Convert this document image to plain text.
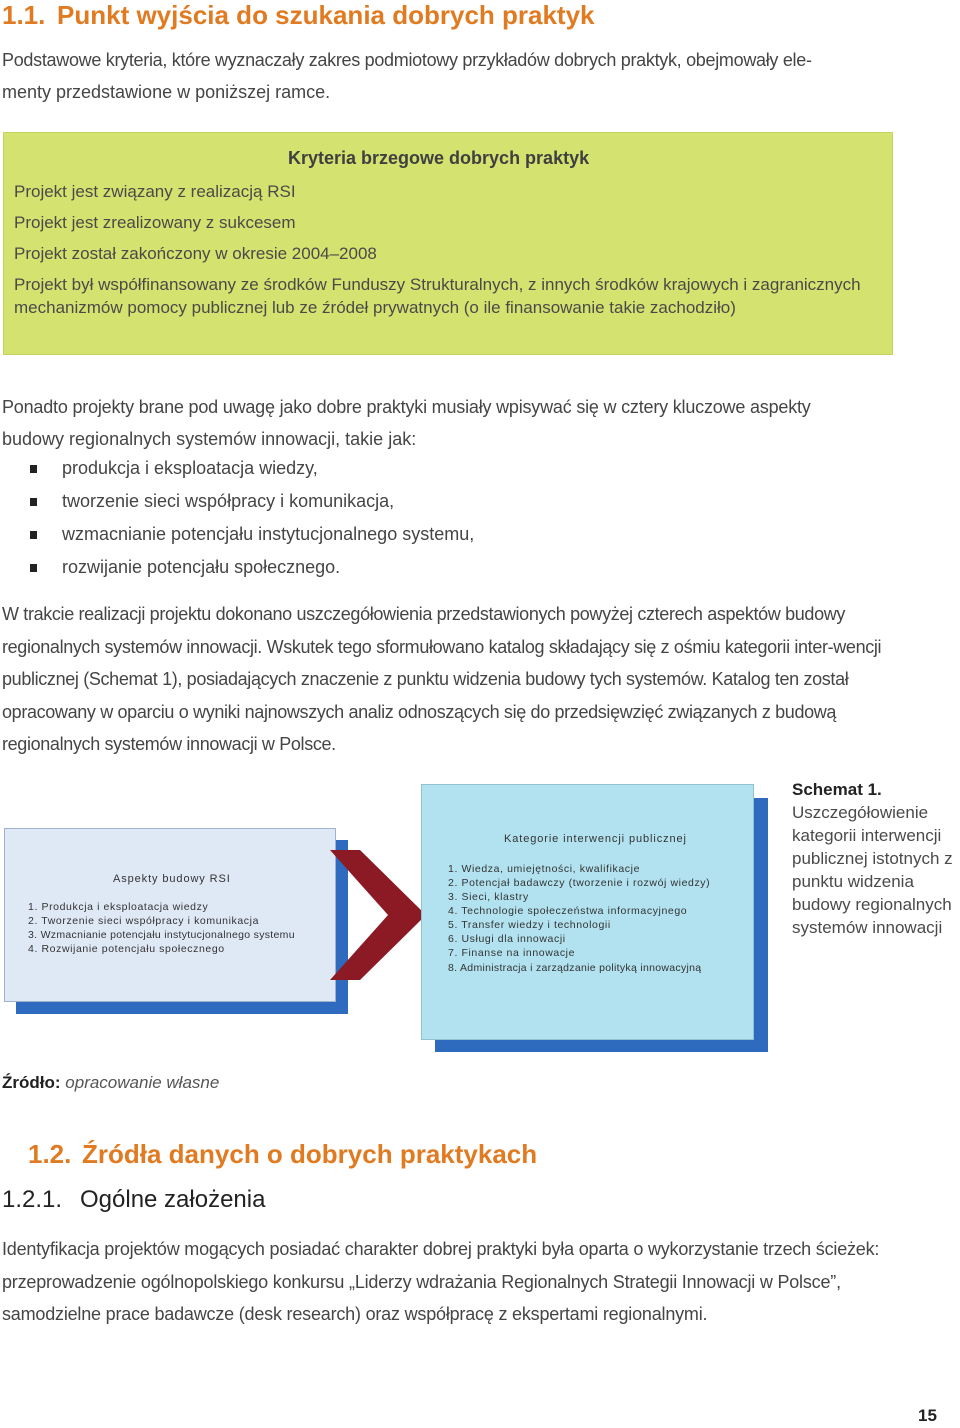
1.1. Punkt wyjścia do szukania dobrych praktyk
Podstawowe kryteria, które wyznaczały zakres podmiotowy przykładów dobrych praktyk, obejmowały ele-
menty przedstawione w poniższej ramce.
Kryteria brzegowe dobrych praktyk
Projekt jest związany z realizacją RSI
Projekt jest zrealizowany z sukcesem
Projekt został zakończony w okresie 2004–2008
Projekt był współfinansowany ze środków Funduszy Strukturalnych, z innych środków krajowych i zagranicznych mechanizmów pomocy publicznej lub ze źródeł prywatnych (o ile finansowanie takie zachodziło)
Ponadto projekty brane pod uwagę jako dobre praktyki musiały wpisywać się w cztery kluczowe aspekty
budowy regionalnych systemów innowacji, takie jak:
produkcja i eksploatacja wiedzy,
tworzenie sieci współpracy i komunikacja,
wzmacnianie potencjału instytucjonalnego systemu,
rozwijanie potencjału społecznego.
W trakcie realizacji projektu dokonano uszczegółowienia przedstawionych powyżej czterech aspektów budowy regionalnych systemów innowacji. Wskutek tego sformułowano katalog składający się z ośmiu kategorii inter-wencji publicznej (Schemat 1), posiadających znaczenie z punktu widzenia budowy tych systemów. Katalog ten został opracowany w oparciu o wyniki najnowszych analiz odnoszących się do przedsięwzięć związanych z budową regionalnych systemów innowacji w Polsce.
Aspekty budowy RSI
1. Produkcja i eksploatacja wiedzy
2. Tworzenie sieci współpracy i komunikacja
3. Wzmacnianie potencjału instytucjonalnego systemu
4. Rozwijanie potencjału społecznego
Kategorie interwencji publicznej
1. Wiedza, umiejętności, kwalifikacje
2. Potencjał badawczy (tworzenie i rozwój wiedzy)
3. Sieci, klastry
4. Technologie społeczeństwa informacyjnego
5. Transfer wiedzy i technologii
6. Usługi dla innowacji
7. Finanse na innowacje
8. Administracja i zarządzanie polityką innowacyjną
Schemat 1.
Uszczegółowienie kategorii interwencji publicznej istotnych z punktu widzenia budowy regionalnych systemów innowacji
Źródło: opracowanie własne
1.2. Źródła danych o dobrych praktykach
1.2.1. Ogólne założenia
Identyfikacja projektów mogących posiadać charakter dobrej praktyki była oparta o wykorzystanie trzech ścieżek: przeprowadzenie ogólnopolskiego konkursu „Liderzy wdrażania Regionalnych Strategii Innowacji w Polsce”, samodzielne prace badawcze (desk research) oraz współpracę z ekspertami regionalnymi.
15
